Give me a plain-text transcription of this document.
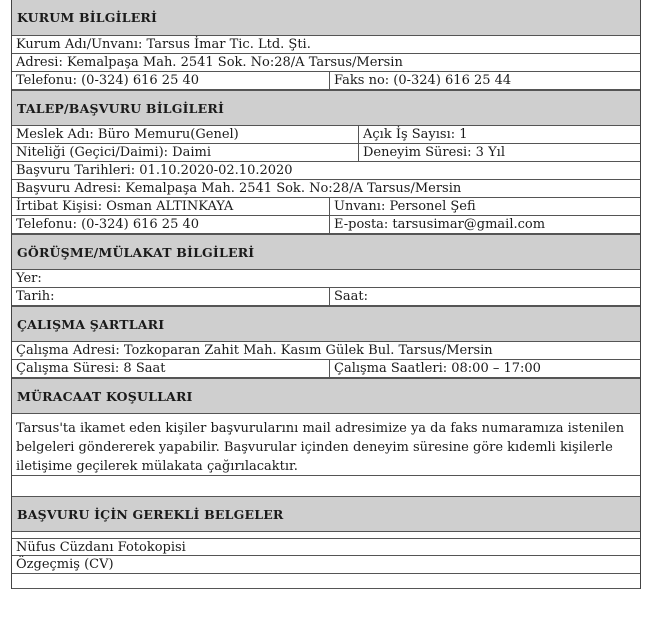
KURUM BİLGİLERİ
Kurum Adı/Unvanı: Tarsus İmar Tic. Ltd. Şti.
Adresi: Kemalpaşa Mah. 2541 Sok. No:28/A Tarsus/Mersin
Telefonu: (0-324) 616 25 40	Faks no: (0-324) 616 25 44
TALEP/BAŞVURU BİLGİLERİ
Meslek Adı: Büro Memuru(Genel)	Açık İş Sayısı: 1
Niteliği (Geçici/Daimi): Daimi	Deneyim Süresi: 3 Yıl
Başvuru Tarihleri: 01.10.2020-02.10.2020
Başvuru Adresi: Kemalpaşa Mah. 2541 Sok. No:28/A Tarsus/Mersin
İrtibat Kişisi: Osman ALTINKAYA	Unvanı: Personel Şefi
Telefonu: (0-324) 616 25 40	E-posta: tarsusimar@gmail.com
GÖRÜŞME/MÜLAKAT BİLGİLERİ
Yer:
Tarih:	Saat:
ÇALIŞMA ŞARTLARI
Çalışma Adresi: Tozkoparan Zahit Mah. Kasım Gülek Bul. Tarsus/Mersin
Çalışma Süresi: 8 Saat	Çalışma Saatleri: 08:00 – 17:00
MÜRACAAT KOŞULLARI
Tarsus'ta ikamet eden kişiler başvurularını mail adresimize ya da faks numaramıza istenilen belgeleri göndererek yapabilir. Başvurular içinden deneyim süresine göre kıdemli kişilerle iletişime geçilerek mülakata çağırılacaktır.
BAŞVURU İÇİN GEREKLİ BELGELER
Nüfus Cüzdanı Fotokopisi
Özgeçmiş (CV)
